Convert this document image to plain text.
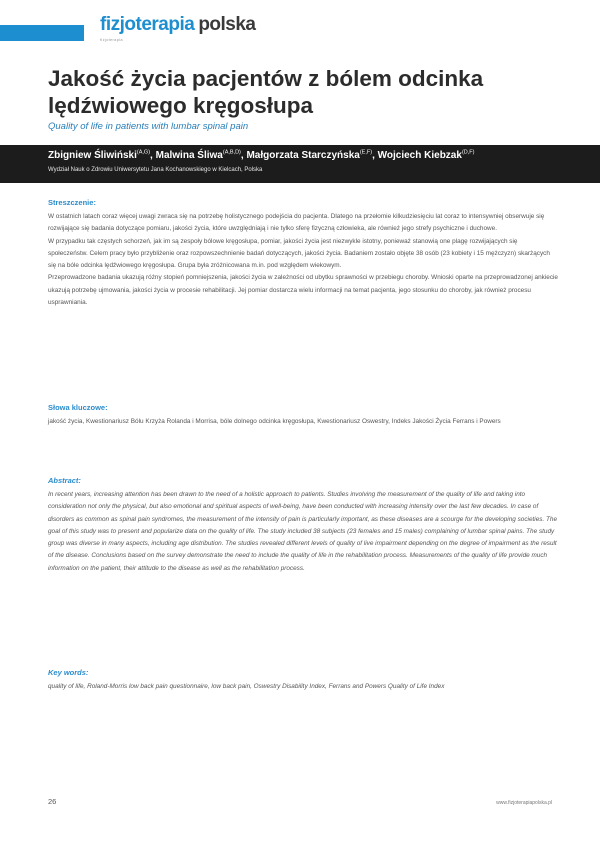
fizjoterapia polska
fizjoterapia
Jakość życia pacjentów z bólem odcinka lędźwiowego kręgosłupa
Quality of life in patients with lumbar spinal pain
Zbigniew Śliwiński$^{(A,G)}$, Malwina Śliwa$^{(A,B,D)}$, Małgorzata Starczyńska$^{(E,F)}$, Wojciech Kiebzak$^{(D,F)}$
Wydział Nauk o Zdrowiu Uniwersytetu Jana Kochanowskiego w Kielcach, Polska
Streszczenie:

W ostatnich latach coraz więcej uwagi zwraca się na potrzebę holistycznego podejścia do pacjenta. Dlatego na przełomie kilkudziesięciu lat coraz to intensywniej obserwuje się rozwijające się badania dotyczące pomiaru, jakości życia, które uwzględniają i nie tylko sferę fizyczną człowieka, ale również jego strefy psychiczne i duchowe.

W przypadku tak częstych schorzeń, jak im są zespoły bólowe kręgosłupa, pomiar, jakości życia jest niezwykle istotny, ponieważ stanowią one plagę rozwijających się społeczeństw. Celem pracy było przybliżenie oraz rozpowszechnienie badań dotyczących, jakości życia. Badaniem zostało objęte 38 osób (23 kobiety i 15 mężczyzn) skarżących się na bóle odcinka lędźwiowego kręgosłupa. Grupa była zróżnicowana m.in. pod względem wiekowym.

Przeprowadzone badania ukazują różny stopień pomniejszenia, jakości życia w zależności od ubytku sprawności w przebiegu choroby. Wnioski oparte na przeprowadzonej ankiecie ukazują potrzebę ujmowania, jakości życia w procesie rehabilitacji. Jej pomiar dostarcza wielu informacji na temat pacjenta, jego stosunku do choroby, jak również procesu usprawniania.

Słowa kluczowe:
jakość życia, Kwestionariusz Bólu Krzyża Rolanda i Morrisa, bóle dolnego odcinka kręgosłupa, Kwestionariusz Oswestry, Indeks Jakości Życia Ferrans i Powers
Abstract:
In recent years, increasing attention has been drawn to the need of a holistic approach to patients. Studies involving the measurement of the quality of life and taking into consideration not only the physical, but also emotional and spiritual aspects of well-being, have been conducted with increasing intensity over the last few decades. In case of disorders as common as spinal pain syndromes, the measurement of the intensity of pain is particularly important, as these diseases are a scourge for the developing societies. The goal of this study was to present and popularize data on the quality of life. The study included 38 subjects (23 females and 15 males) complaining of lumbar spinal pains. The study group was diverse in many aspects, including age distribution. The studies revealed different levels of quality of live impairment depending on the degree of impairment as the result of the disease. Conclusions based on the survey demonstrate the need to include the quality of life in the rehabilitation process. Measurements of the quality of life provide much information on the patient, their attitude to the disease as well as the rehabilitation process.
Key words:
quality of life, Roland-Morris low back pain questionnaire, low back pain, Oswestry Disability Index, Ferrans and Powers Quality of Life Index
26	www.fizjoterapiapolska.pl
